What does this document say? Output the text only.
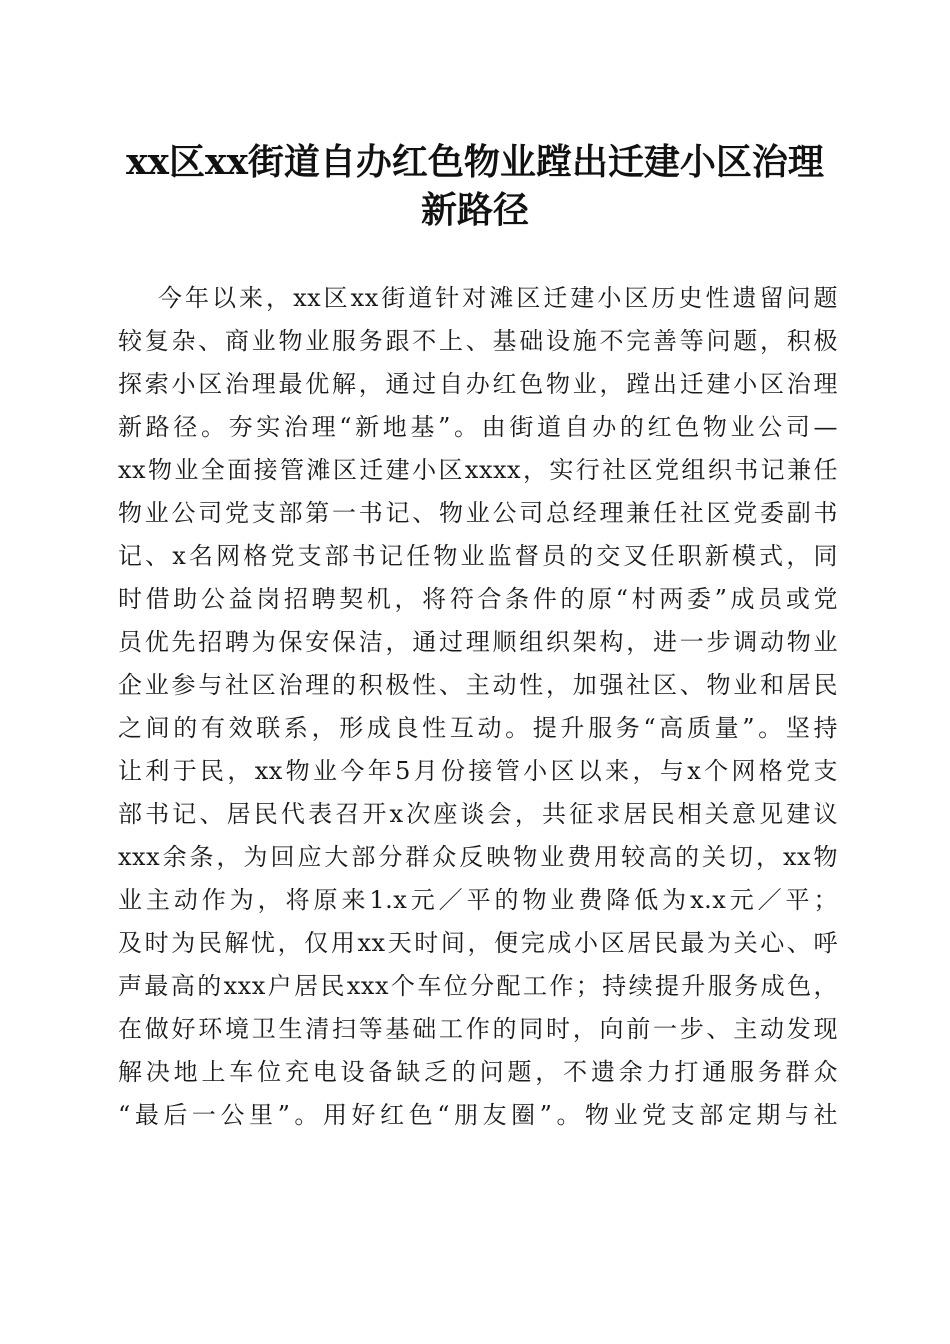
xx区xx街道自办红色物业蹚出迁建小区治理
新路径
今年以来，xx区xx街道针对滩区迁建小区历史性遗留问题
较复杂、商业物业服务跟不上、基础设施不完善等问题，积极
探索小区治理最优解，通过自办红色物业，蹚出迁建小区治理
新路径。夯实治理“新地基”。由街道自办的红色物业公司—
xx物业全面接管滩区迁建小区xxxx，实行社区党组织书记兼任
物业公司党支部第一书记、物业公司总经理兼任社区党委副书
记、x名网格党支部书记任物业监督员的交叉任职新模式，同
时借助公益岗招聘契机，将符合条件的原“村两委”成员或党
员优先招聘为保安保洁，通过理顺组织架构，进一步调动物业
企业参与社区治理的积极性、主动性，加强社区、物业和居民
之间的有效联系，形成良性互动。提升服务“高质量”。坚持
让利于民，xx物业今年5月份接管小区以来，与x个网格党支
部书记、居民代表召开x次座谈会，共征求居民相关意见建议
xxx余条，为回应大部分群众反映物业费用较高的关切，xx物
业主动作为，将原来1.x元／平的物业费降低为x.x元／平；
及时为民解忧，仅用xx天时间，便完成小区居民最为关心、呼
声最高的xxx户居民xxx个车位分配工作；持续提升服务成色，
在做好环境卫生清扫等基础工作的同时，向前一步、主动发现
解决地上车位充电设备缺乏的问题，不遗余力打通服务群众
“最后一公里”。用好红色“朋友圈”。物业党支部定期与社
